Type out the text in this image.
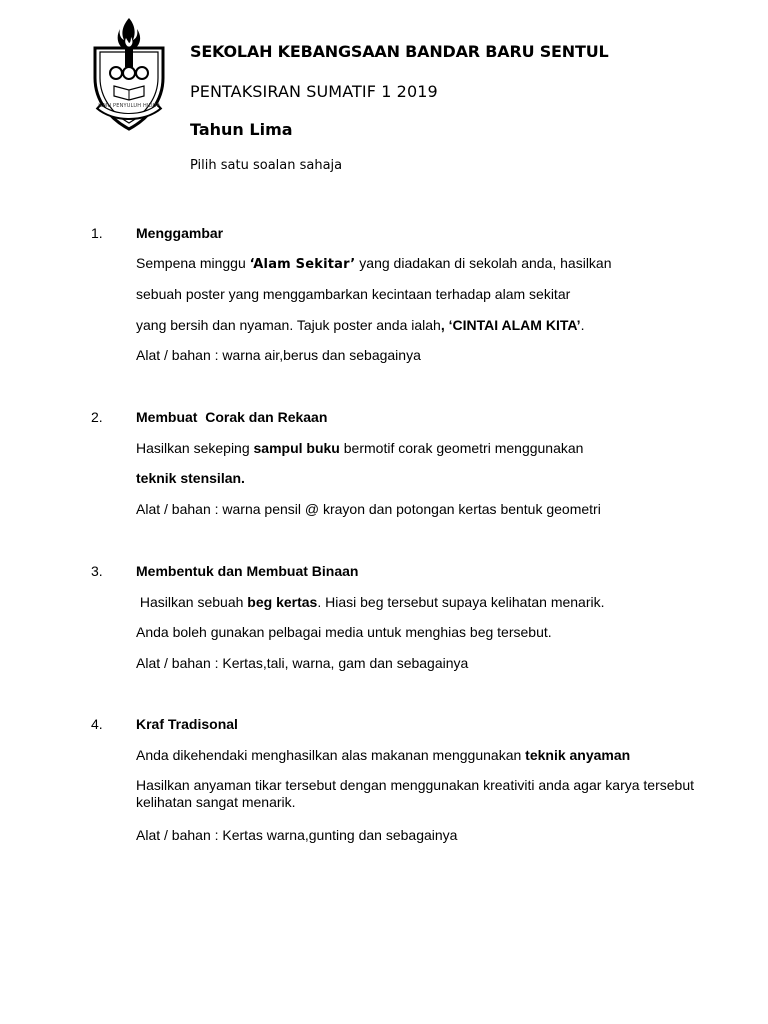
ILMU PENYULUH HIDUP
SEKOLAH KEBANGSAAN BANDAR BARU SENTUL
PENTAKSIRAN SUMATIF 1 2019
Tahun Lima
Pilih satu soalan sahaja
1. Menggambar
Sempena minggu ‘Alam Sekitar’ yang diadakan di sekolah anda, hasilkan
sebuah poster yang menggambarkan kecintaan terhadap alam sekitar
yang bersih dan nyaman. Tajuk poster anda ialah, ‘CINTAI ALAM KITA’.
Alat / bahan : warna air,berus dan sebagainya
2. Membuat  Corak dan Rekaan
Hasilkan sekeping sampul buku bermotif corak geometri menggunakan
teknik stensilan.
Alat / bahan : warna pensil @ krayon dan potongan kertas bentuk geometri
3. Membentuk dan Membuat Binaan
Hasilkan sebuah beg kertas. Hiasi beg tersebut supaya kelihatan menarik.
Anda boleh gunakan pelbagai media untuk menghias beg tersebut.
Alat / bahan : Kertas,tali, warna, gam dan sebagainya
4. Kraf Tradisonal
Anda dikehendaki menghasilkan alas makanan menggunakan teknik anyaman
Hasilkan anyaman tikar tersebut dengan menggunakan kreativiti anda agar karya tersebut kelihatan sangat menarik.
Alat / bahan : Kertas warna,gunting dan sebagainya
